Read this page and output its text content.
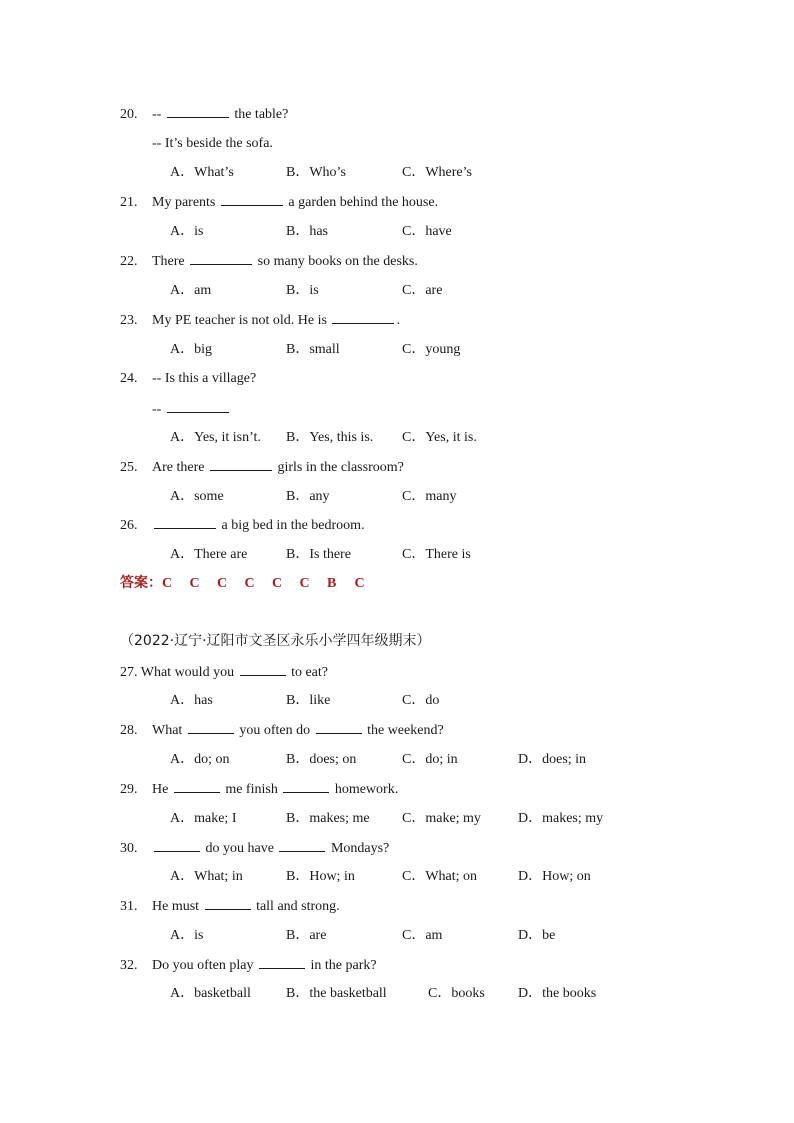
20. --	the table?
-- It’s beside the sofa.
A．What’s	B．Who’s	C．Where’s
21. My parents	a garden behind the house.
A．is	B．has	C．have
22. There	so many books on the desks.
A．am	B．is	C．are
23. My PE teacher is not old. He is	.
A．big	B．small	C．young
24. -- Is this a village?
--
A．Yes, it isn’t. B．Yes, this is. C．Yes, it is.
25. Are there	girls in the classroom?
A．some	B．any	C．many
26.	a big bed in the bedroom.
A．There are	B．Is there	C．There is
答案：C C C C C C B C
（2022·辽宁·辽阳市文圣区永乐小学四年级期末）
27. What would you	to eat?
A．has	B．like	C．do
28. What	you often do	the weekend?
A．do; on	B．does; on	C．do; in	D．does; in
29. He	me finish	homework.
A．make; I	B．makes; me C．make; my	D．makes; my
30.	do you have	Mondays?
A．What; in	B．How; in	C．What; on	D．How; on
31. He must	tall and strong.
A．is	B．are	C．am	D．be
32. Do you often play	in the park?
A．basketball	B．the basketball	C．books D．the books
